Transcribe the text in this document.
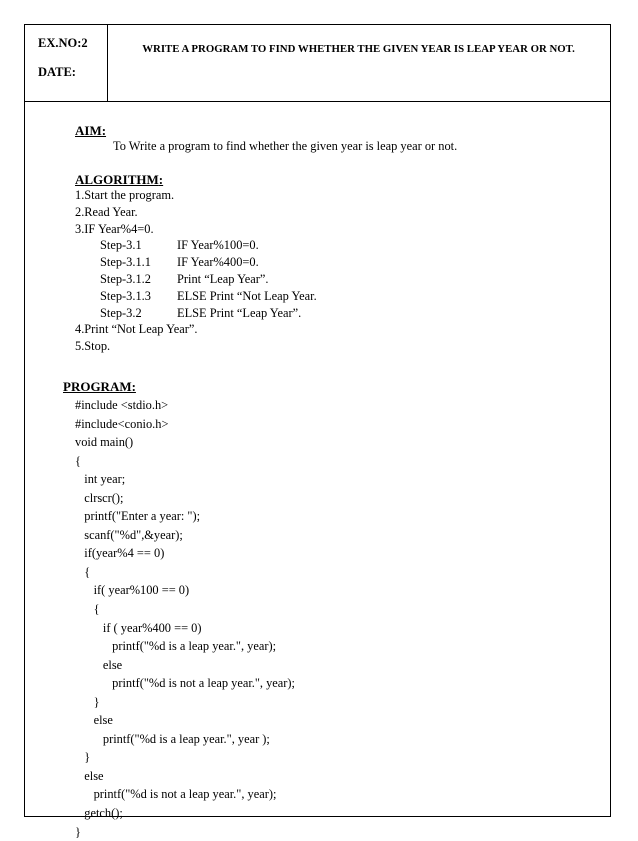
EX.NO:2
DATE:
WRITE A PROGRAM TO FIND WHETHER THE GIVEN YEAR IS LEAP YEAR OR NOT.
AIM:
To Write a program to find whether the given year is leap year or not.
ALGORITHM:
1.Start the program.
2.Read Year.
3.IF Year%4=0.
Step-3.1	IF Year%100=0.
Step-3.1.1 IF Year%400=0.
Step-3.1.2 Print “Leap Year”.
Step-3.1.3 ELSE Print “Not Leap Year.
Step-3.2	ELSE Print “Leap Year”.
4.Print “Not Leap Year”.
5.Stop.
PROGRAM:
#include <stdio.h>
#include<conio.h>
void main()
{
int year;
clrscr();
printf("Enter a year: ");
scanf("%d",&year);
if(year%4 == 0)
{
if( year%100 == 0)
{
if ( year%400 == 0)
printf("%d is a leap year.", year);
else
printf("%d is not a leap year.", year);
}
else
printf("%d is a leap year.", year );
}
else
printf("%d is not a leap year.", year);
getch();
}
